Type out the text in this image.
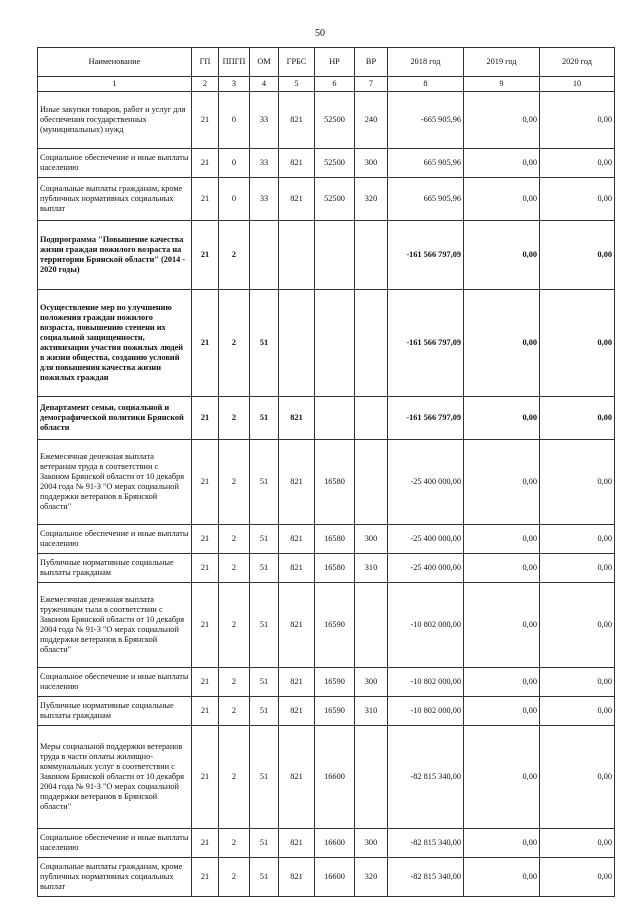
50
Наименование	ГП	ППГП	ОМ	ГРБС	НР	ВР	2018 год	2019 год	2020 год
1	2	3	4	5	6	7	8	9	10
Иные закупки товаров, работ и услуг для обеспечения государственных (муниципальных) нужд	21	0	33	821	52500	240	-665 905,96	0,00	0,00
Социальное обеспечение и иные выплаты населению	21	0	33	821	52500	300	665 905,96	0,00	0,00
Социальные выплаты гражданам, кроме публичных нормативных социальных выплат	21	0	33	821	52500	320	665 905,96	0,00	0,00
Подпрограмма "Повышение качества жизни граждан пожилого возраста на территории Брянской области" (2014 - 2020 годы)	21	2					-161 566 797,09	0,00	0,00
Осуществление мер по улучшению положения граждан пожилого возраста, повышению степени их социальной защищенности, активизации участия пожилых людей в жизни общества, созданию условий для повышения качества жизни пожилых граждан	21	2	51				-161 566 797,09	0,00	0,00
Департамент семьи, социальной и демографической политики Брянской области	21	2	51	821			-161 566 797,09	0,00	0,00
Ежемесячная денежная выплата ветеранам труда в соответствии с Законом Брянской области от 10 декабря 2004 года № 91-З "О мерах социальной поддержки ветеранов в Брянской области"	21	2	51	821	16580		-25 400 000,00	0,00	0,00
Социальное обеспечение и иные выплаты населению	21	2	51	821	16580	300	-25 400 000,00	0,00	0,00
Публичные нормативные социальные выплаты гражданам	21	2	51	821	16580	310	-25 400 000,00	0,00	0,00
Ежемесячная денежная выплата труженикам тыла в соответствии с Законом Брянской области от 10 декабря 2004 года № 91-З "О мерах социальной поддержки ветеранов в Брянской области"	21	2	51	821	16590		-10 802 000,00	0,00	0,00
Социальное обеспечение и иные выплаты населению	21	2	51	821	16590	300	-10 802 000,00	0,00	0,00
Публичные нормативные социальные выплаты гражданам	21	2	51	821	16590	310	-10 802 000,00	0,00	0,00
Меры социальной поддержки ветеранов труда в части оплаты жилищно-коммунальных услуг в соответствии с Законом Брянской области от 10 декабря 2004 года № 91-З "О мерах социальной поддержки ветеранов в Брянской области"	21	2	51	821	16600		-82 815 340,00	0,00	0,00
Социальное обеспечение и иные выплаты населению	21	2	51	821	16600	300	-82 815 340,00	0,00	0,00
Социальные выплаты гражданам, кроме публичных нормативных социальных выплат	21	2	51	821	16600	320	-82 815 340,00	0,00	0,00
